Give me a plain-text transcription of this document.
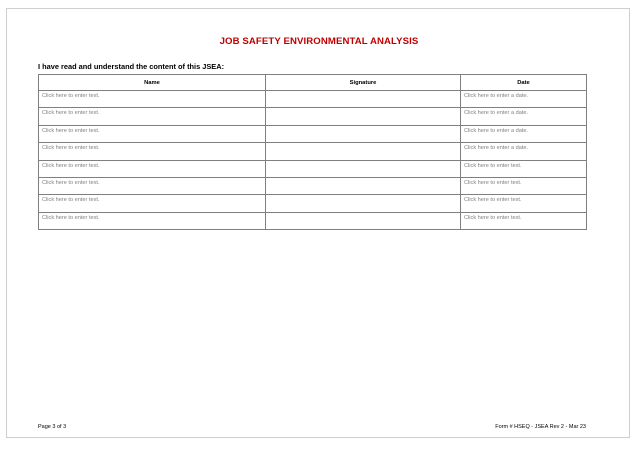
JOB SAFETY ENVIRONMENTAL ANALYSIS
I have read and understand the content of this JSEA:
Name	Signature	Date
Click here to enter text.		Click here to enter a date.
Click here to enter text.		Click here to enter a date.
Click here to enter text.		Click here to enter a date.
Click here to enter text.		Click here to enter a date.
Click here to enter text.		Click here to enter text.
Click here to enter text.		Click here to enter text.
Click here to enter text.		Click here to enter text.
Click here to enter text.		Click here to enter text.
Page 3 of 3	Form # HSEQ - JSEA Rev 2 - Mar 23
